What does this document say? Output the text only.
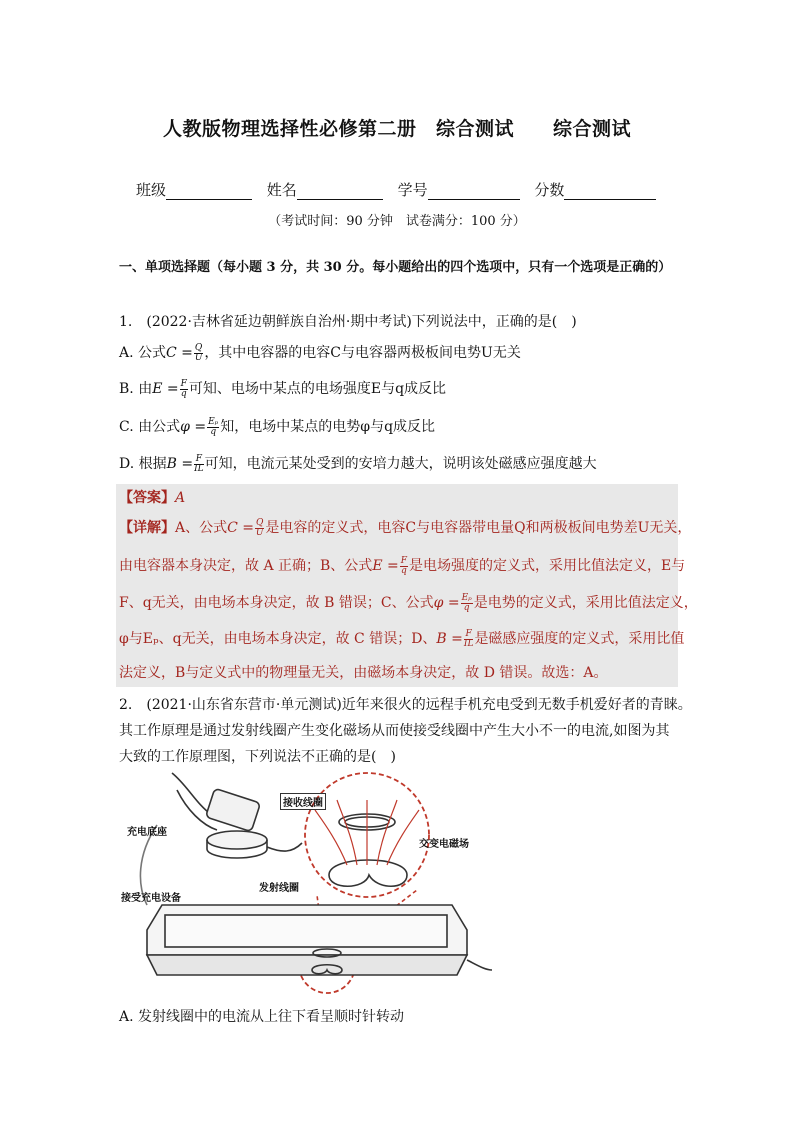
人教版物理选择性必修第二册　综合测试　　综合测试
班级	姓名	学号	分数
（考试时间：90 分钟　试卷满分：100 分）
一、单项选择题（每小题 3 分，共 30 分。每小题给出的四个选项中，只有一个选项是正确的）
1.　(2022·吉林省延边朝鲜族自治州·期中考试)下列说法中，正确的是(　)
A. 公式$C = \frac{Q}{U}$ ，其中电容器的电容C与电容器两极板间电势U无关
B. 由$E = \frac{F}{q}$ 可知、电场中某点的电场强度E与q成反比
C. 由公式$\varphi = \frac{\text{Eₚ}}{q}$ 知，电场中某点的电势φ与q成反比
D. 根据$B = \frac{F}{IL}$ 可知，电流元某处受到的安培力越大，说明该处磁感应强度越大
【答案】A
【详解】A、公式$C = \frac{Q}{U}$ 是电容的定义式，电容C与电容器带电量Q和两极板间电势差U无关，
由电容器本身决定，故 A 正确；B、公式$E = \frac{F}{q}$ 是电场强度的定义式，采用比值法定义，E与
F、q无关，由电场本身决定，故 B 错误；C、公式$\varphi = \frac{\text{Eₚ}}{q}$ 是电势的定义式，采用比值法定义，
φ与Eₚ、q无关，由电场本身决定，故 C 错误；D、$B = \frac{F}{IL}$ 是磁感应强度的定义式，采用比值
法定义，B与定义式中的物理量无关，由磁场本身决定，故 D 错误。故选：A。
2.　(2021·山东省东营市·单元测试)近年来很火的远程手机充电受到无数手机爱好者的青睐。
其工作原理是通过发射线圈产生变化磁场从而使接受线圈中产生大小不一的电流,如图为其
大致的工作原理图，下列说法不正确的是(　)
充电底座
接收线圈
交变电磁场
发射线圈
接受充电设备
A. 发射线圈中的电流从上往下看呈顺时针转动
